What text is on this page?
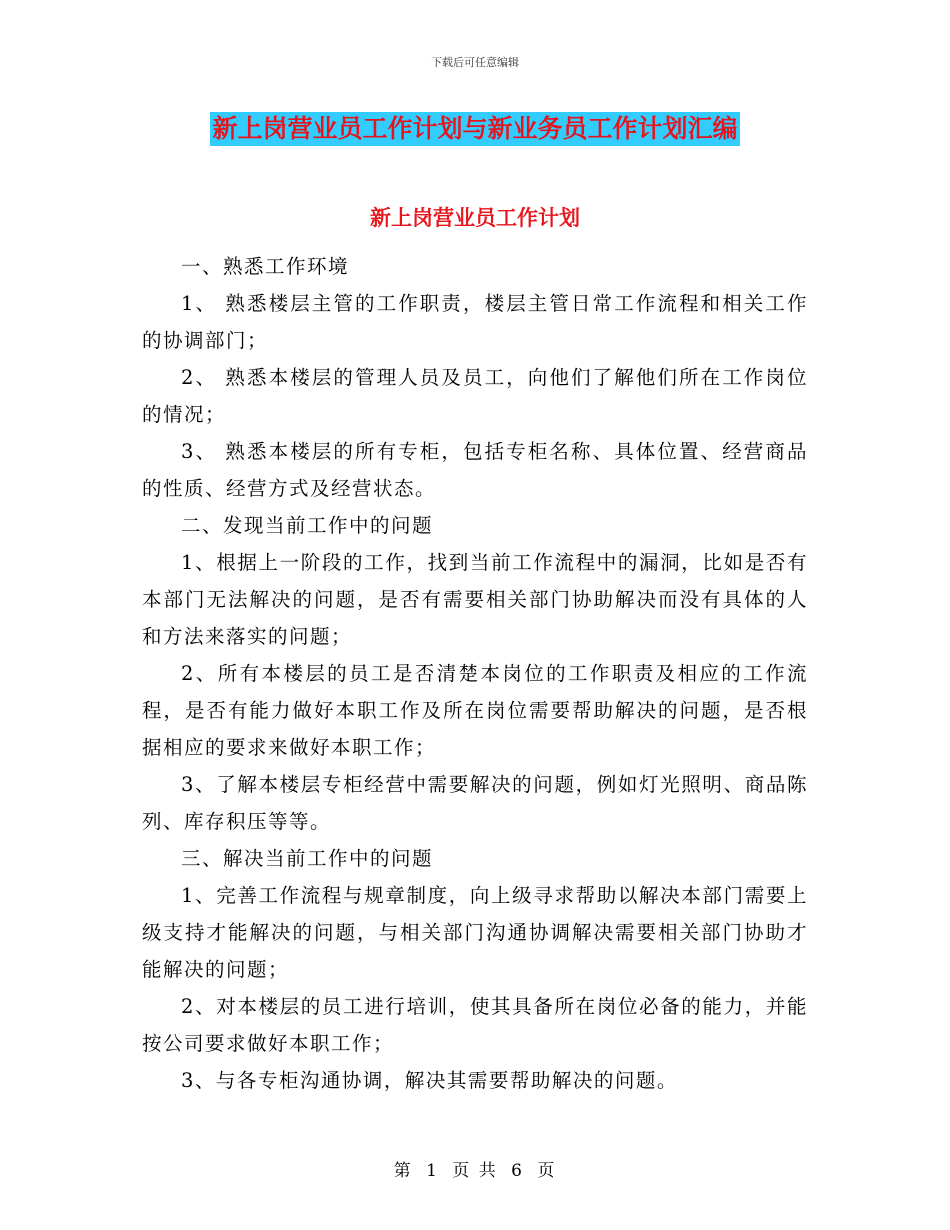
下载后可任意编辑
新上岗营业员工作计划与新业务员工作计划汇编
新上岗营业员工作计划

一、熟悉工作环境

1、 熟悉楼层主管的工作职责，楼层主管日常工作流程和相关工作的协调部门；

2、 熟悉本楼层的管理人员及员工，向他们了解他们所在工作岗位的情况；

3、 熟悉本楼层的所有专柜，包括专柜名称、具体位置、经营商品的性质、经营方式及经营状态。

二、发现当前工作中的问题

1、根据上一阶段的工作，找到当前工作流程中的漏洞，比如是否有本部门无法解决的问题，是否有需要相关部门协助解决而没有具体的人和方法来落实的问题；

2、所有本楼层的员工是否清楚本岗位的工作职责及相应的工作流程，是否有能力做好本职工作及所在岗位需要帮助解决的问题，是否根据相应的要求来做好本职工作；

3、了解本楼层专柜经营中需要解决的问题，例如灯光照明、商品陈列、库存积压等等。

三、解决当前工作中的问题

1、完善工作流程与规章制度，向上级寻求帮助以解决本部门需要上级支持才能解决的问题，与相关部门沟通协调解决需要相关部门协助才能解决的问题；

2、对本楼层的员工进行培训，使其具备所在岗位必备的能力，并能按公司要求做好本职工作；

3、与各专柜沟通协调，解决其需要帮助解决的问题。

第 1 页 共 6 页
